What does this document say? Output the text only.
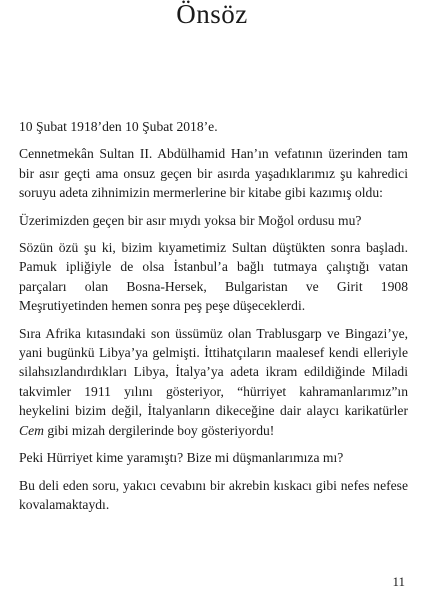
Önsöz

10 Şubat 1918’den 10 Şubat 2018’e.

Cennetmekân Sultan II. Abdülhamid Han’ın vefatının üzerinden tam bir asır geçti ama onsuz geçen bir asırda yaşadıklarımız şu kahredici soruyu adeta zihnimizin mermerlerine bir kitabe gibi kazımış oldu:

Üzerimizden geçen bir asır mıydı yoksa bir Moğol ordusu mu?

Sözün özü şu ki, bizim kıyametimiz Sultan düştükten sonra başladı. Pamuk ipliğiyle de olsa İstanbul’a bağlı tutmaya çalıştığı vatan parçaları olan Bosna-Hersek, Bulgaristan ve Girit 1908 Meşrutiyetinden hemen sonra peş peşe düşeceklerdi.

Sıra Afrika kıtasındaki son üssümüz olan Trablusgarp ve Bingazi’ye, yani bugünkü Libya’ya gelmişti. İttihatçıların maalesef kendi elleriyle silahsızlandırdıkları Libya, İtalya’ya adeta ikram edildiğinde Miladi takvimler 1911 yılını gösteriyor, “hürriyet kahramanlarımız”ın heykelini bizim değil, İtalyanların dikeceğine dair alaycı karikatürler Cem gibi mizah dergilerinde boy gösteriyordu!

Peki Hürriyet kime yaramıştı? Bize mi düşmanlarımıza mı?

Bu deli eden soru, yakıcı cevabını bir akrebin kıskacı gibi nefes nefese kovalamaktaydı.

11
